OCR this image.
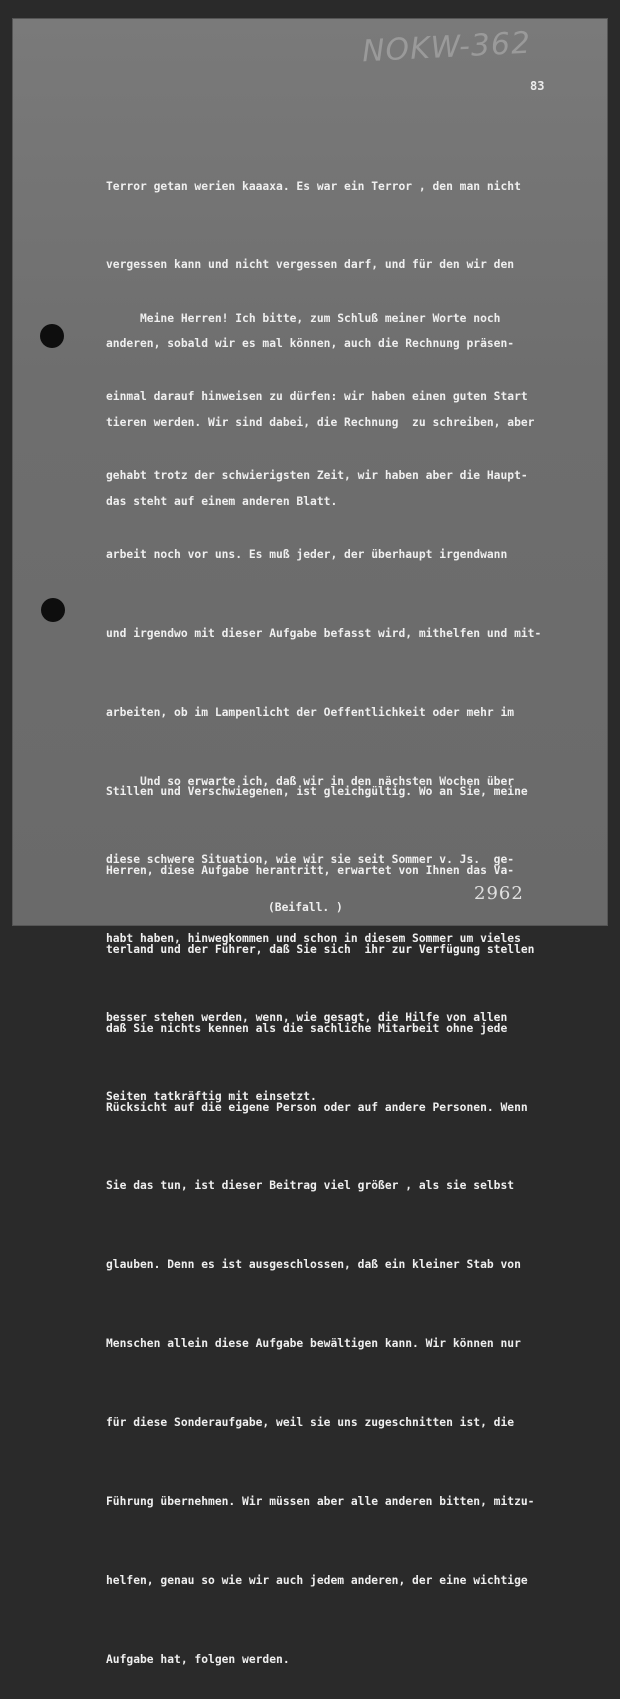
NOKW-362
83

Terror getan werien kaaaxa. Es war ein Terror , den man nicht

vergessen kann und nicht vergessen darf, und für den wir den

anderen, sobald wir es mal können, auch die Rechnung präsen-

tieren werden. Wir sind dabei, die Rechnung  zu schreiben, aber

das steht auf einem anderen Blatt.

Meine Herren! Ich bitte, zum Schluß meiner Worte noch

einmal darauf hinweisen zu dürfen: wir haben einen guten Start

gehabt trotz der schwierigsten Zeit, wir haben aber die Haupt-

arbeit noch vor uns. Es muß jeder, der überhaupt irgendwann

und irgendwo mit dieser Aufgabe befasst wird, mithelfen und mit-

arbeiten, ob im Lampenlicht der Oeffentlichkeit oder mehr im

Stillen und Verschwiegenen, ist gleichgültig. Wo an Sie, meine

Herren, diese Aufgabe herantritt, erwartet von Ihnen das Va-

terland und der Führer, daß Sie sich  ihr zur Verfügung stellen

daß Sie nichts kennen als die sachliche Mitarbeit ohne jede

Rücksicht auf die eigene Person oder auf andere Personen. Wenn

Sie das tun, ist dieser Beitrag viel größer , als sie selbst

glauben. Denn es ist ausgeschlossen, daß ein kleiner Stab von

Menschen allein diese Aufgabe bewältigen kann. Wir können nur

für diese Sonderaufgabe, weil sie uns zugeschnitten ist, die

Führung übernehmen. Wir müssen aber alle anderen bitten, mitzu-

helfen, genau so wie wir auch jedem anderen, der eine wichtige

Aufgabe hat, folgen werden.

Und so erwarte ich, daß wir in den nächsten Wochen über

diese schwere Situation, wie wir sie seit Sommer v. Js.  ge-

habt haben, hinwegkommen und schon in diesem Sommer um vieles

besser stehen werden, wenn, wie gesagt, die Hilfe von allen

Seiten tatkräftig mit einsetzt.

(Beifall. )

2962
